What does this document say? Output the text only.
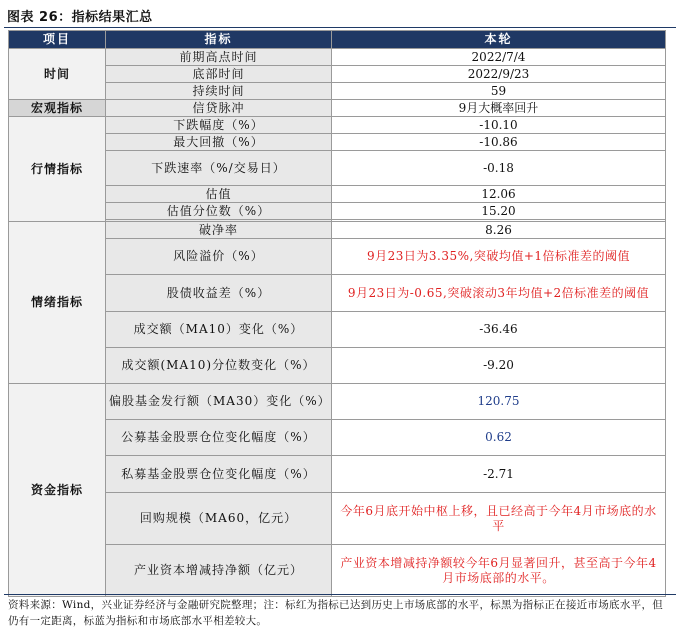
图表 26：指标结果汇总
项目	指标	本轮
时间	前期高点时间	2022/7/4
	底部时间	2022/9/23
	持续时间	59
宏观指标	信贷脉冲	9月大概率回升
行情指标	下跌幅度（%）	-10.10
	最大回撤（%）	-10.86
	下跌速率（%/交易日）	-0.18
	估值	12.06
	估值分位数（%）	15.20

情绪指标	破净率	8.26
	风险溢价（%）	9月23日为3.35%,突破均值+1倍标准差的阈值
	股债收益差（%）	9月23日为-0.65,突破滚动3年均值+2倍标准差的阈值
	成交额（MA10）变化（%）	-36.46
	成交额(MA10)分位数变化（%）	-9.20
资金指标	偏股基金发行额（MA30）变化（%）	120.75
	公募基金股票仓位变化幅度（%）	0.62
	私募基金股票仓位变化幅度（%）	-2.71
	回购规模（MA60，亿元）	今年6月底开始中枢上移，且已经高于今年4月市场底的水平
	产业资本增减持净额（亿元）	产业资本增减持净额较今年6月显著回升，甚至高于今年4月市场底部的水平。
资料来源：Wind，兴业证券经济与金融研究院整理；注：标红为指标已达到历史上市场底部的水平，标黑为指标正在接近市场底水平，但仍有一定距离，标蓝为指标和市场底部水平相差较大。
